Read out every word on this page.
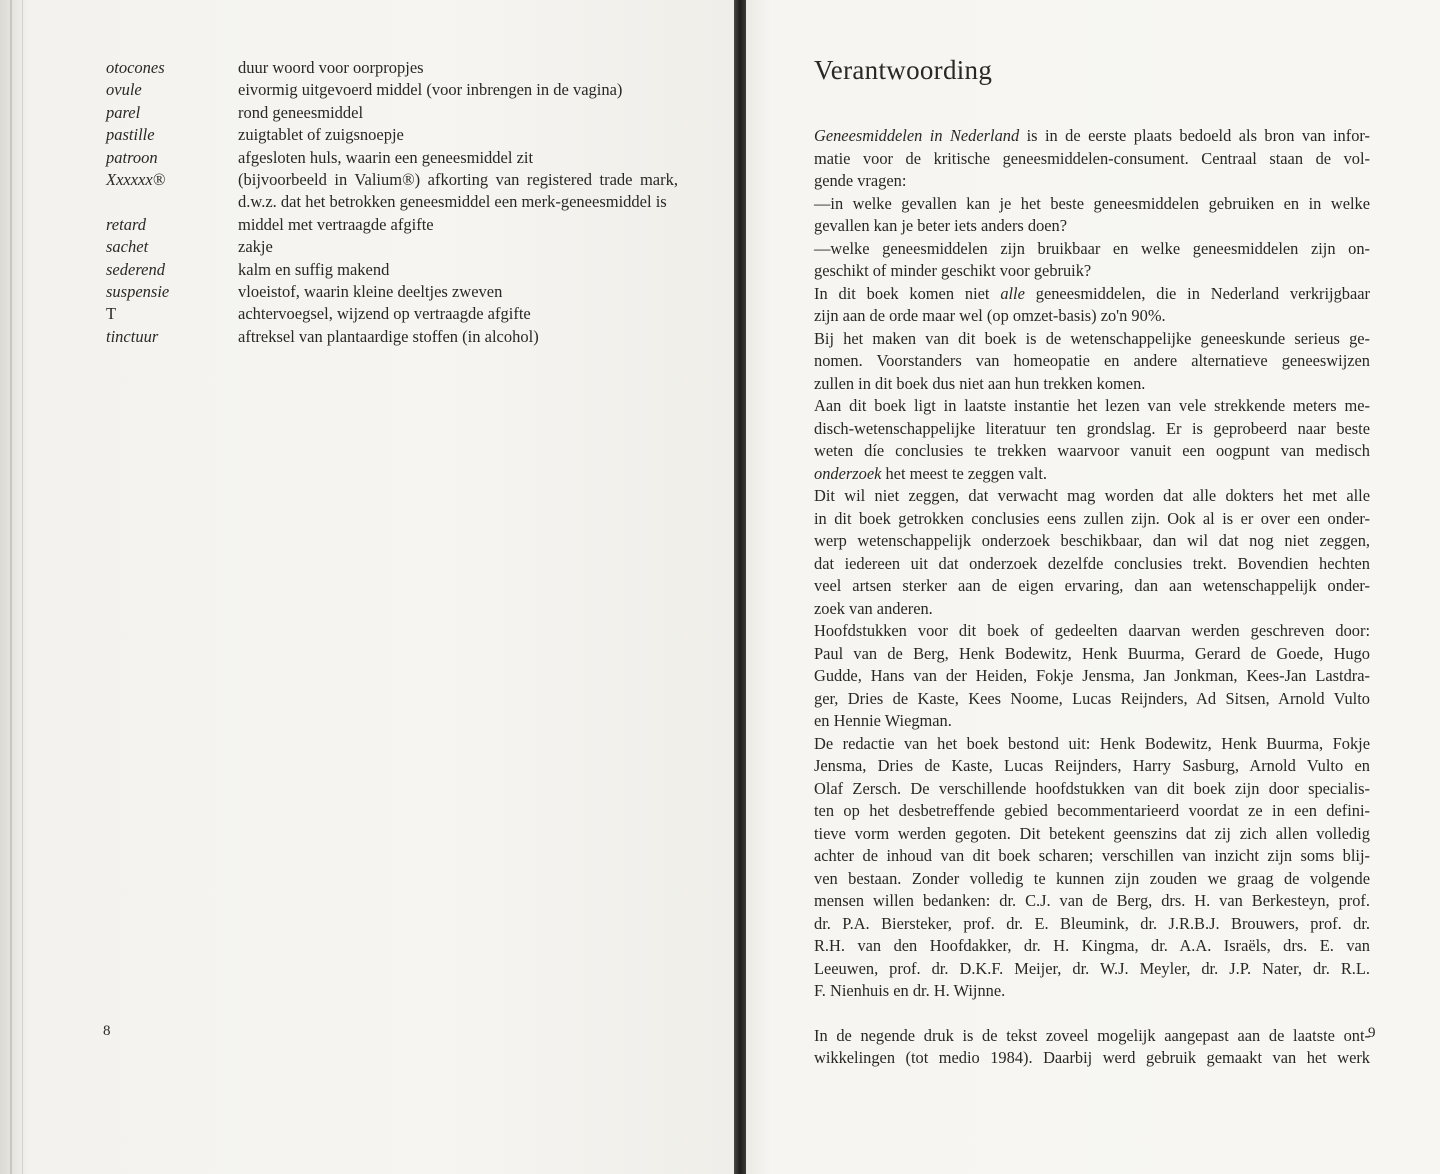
otocones	duur woord voor oorpropjes
ovule	eivormig uitgevoerd middel (voor inbrengen in de vagina)
parel	rond geneesmiddel
pastille	zuigtablet of zuigsnoepje
patroon	afgesloten huls, waarin een geneesmiddel zit
Xxxxxx®	(bijvoorbeeld in Valium®) afkorting van registered trade mark, d.w.z. dat het betrokken geneesmiddel een merk-geneesmiddel is
retard	middel met vertraagde afgifte
sachet	zakje
sederend	kalm en suffig makend
suspensie	vloeistof, waarin kleine deeltjes zweven
T	achtervoegsel, wijzend op vertraagde afgifte
tinctuur	aftreksel van plantaardige stoffen (in alcohol)
8
Verantwoording

Geneesmiddelen in Nederland is in de eerste plaats bedoeld als bron van infor-

matie voor de kritische geneesmiddelen-consument. Centraal staan de vol-

gende vragen:

—in welke gevallen kan je het beste geneesmiddelen gebruiken en in welke

gevallen kan je beter iets anders doen?

—welke geneesmiddelen zijn bruikbaar en welke geneesmiddelen zijn on-

geschikt of minder geschikt voor gebruik?

In dit boek komen niet alle geneesmiddelen, die in Nederland verkrijgbaar

zijn aan de orde maar wel (op omzet-basis) zo'n 90%.

Bij het maken van dit boek is de wetenschappelijke geneeskunde serieus ge-

nomen. Voorstanders van homeopatie en andere alternatieve geneeswijzen

zullen in dit boek dus niet aan hun trekken komen.

Aan dit boek ligt in laatste instantie het lezen van vele strekkende meters me-

disch-wetenschappelijke literatuur ten grondslag. Er is geprobeerd naar beste

weten díe conclusies te trekken waarvoor vanuit een oogpunt van medisch

onderzoek het meest te zeggen valt.

Dit wil niet zeggen, dat verwacht mag worden dat alle dokters het met alle

in dit boek getrokken conclusies eens zullen zijn. Ook al is er over een onder-

werp wetenschappelijk onderzoek beschikbaar, dan wil dat nog niet zeggen,

dat iedereen uit dat onderzoek dezelfde conclusies trekt. Bovendien hechten

veel artsen sterker aan de eigen ervaring, dan aan wetenschappelijk onder-

zoek van anderen.

Hoofdstukken voor dit boek of gedeelten daarvan werden geschreven door:

Paul van de Berg, Henk Bodewitz, Henk Buurma, Gerard de Goede, Hugo

Gudde, Hans van der Heiden, Fokje Jensma, Jan Jonkman, Kees-Jan Lastdra-

ger, Dries de Kaste, Kees Noome, Lucas Reijnders, Ad Sitsen, Arnold Vulto

en Hennie Wiegman.

De redactie van het boek bestond uit: Henk Bodewitz, Henk Buurma, Fokje

Jensma, Dries de Kaste, Lucas Reijnders, Harry Sasburg, Arnold Vulto en

Olaf Zersch. De verschillende hoofdstukken van dit boek zijn door specialis-

ten op het desbetreffende gebied becommentarieerd voordat ze in een defini-

tieve vorm werden gegoten. Dit betekent geenszins dat zij zich allen volledig

achter de inhoud van dit boek scharen; verschillen van inzicht zijn soms blij-

ven bestaan. Zonder volledig te kunnen zijn zouden we graag de volgende

mensen willen bedanken: dr. C.J. van de Berg, drs. H. van Berkesteyn, prof.

dr. P.A. Biersteker, prof. dr. E. Bleumink, dr. J.R.B.J. Brouwers, prof. dr.

R.H. van den Hoofdakker, dr. H. Kingma, dr. A.A. Israëls, drs. E. van

Leeuwen, prof. dr. D.K.F. Meijer, dr. W.J. Meyler, dr. J.P. Nater, dr. R.L.

F. Nienhuis en dr. H. Wijnne.

In de negende druk is de tekst zoveel mogelijk aangepast aan de laatste ont-

wikkelingen (tot medio 1984). Daarbij werd gebruik gemaakt van het werk

9
